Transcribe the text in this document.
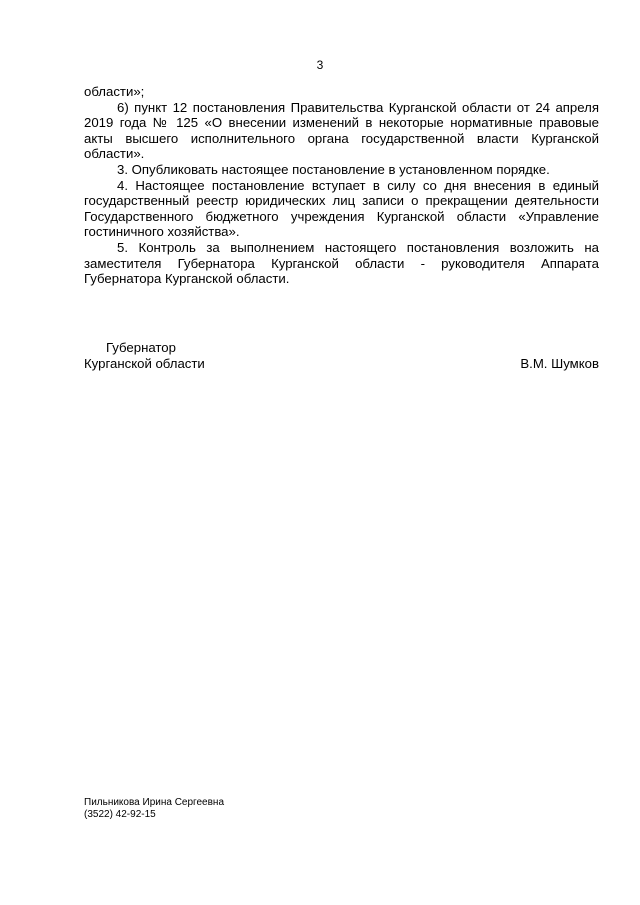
3

области»;

6) пункт 12 постановления Правительства Курганской области от 24 апреля 2019 года № 125 «О внесении изменений в некоторые нормативные правовые акты высшего исполнительного органа государственной власти Курганской области».

3. Опубликовать настоящее постановление в установленном порядке.

4. Настоящее постановление вступает в силу со дня внесения в единый государственный реестр юридических лиц записи о прекращении деятельности Государственного бюджетного учреждения Курганской области «Управление гостиничного хозяйства».

5. Контроль за выполнением настоящего постановления возложить на заместителя Губернатора Курганской области - руководителя Аппарата Губернатора Курганской области.

Губернатор
Курганской области	В.М. Шумков
Пильникова Ирина Сергеевна
(3522) 42-92-15
